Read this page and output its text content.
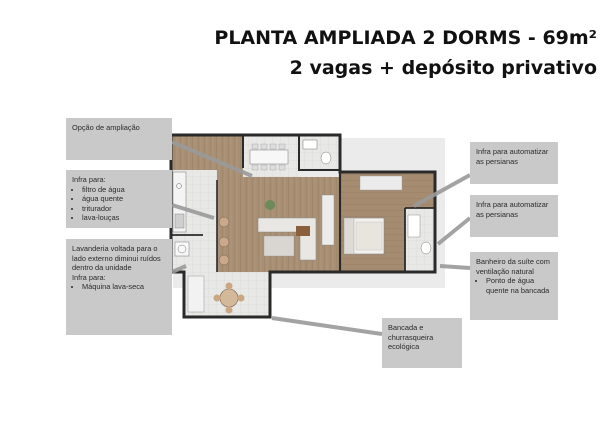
PLANTA AMPLIADA 2 DORMS - 69m²
2 vagas + depósito privativo
Opção de ampliação
Infra para:
• filtro de água
• água quente
• triturador
• lava-louças
Lavanderia voltada para o lado externo diminui ruídos dentro da unidade
Infra para:
• Máquina lava-seca
Infra para automatizar as persianas
Infra para automatizar as persianas
Banheiro da suíte com ventilação natural
• Ponto de água quente na bancada
Bancada e churrasqueira ecológica
